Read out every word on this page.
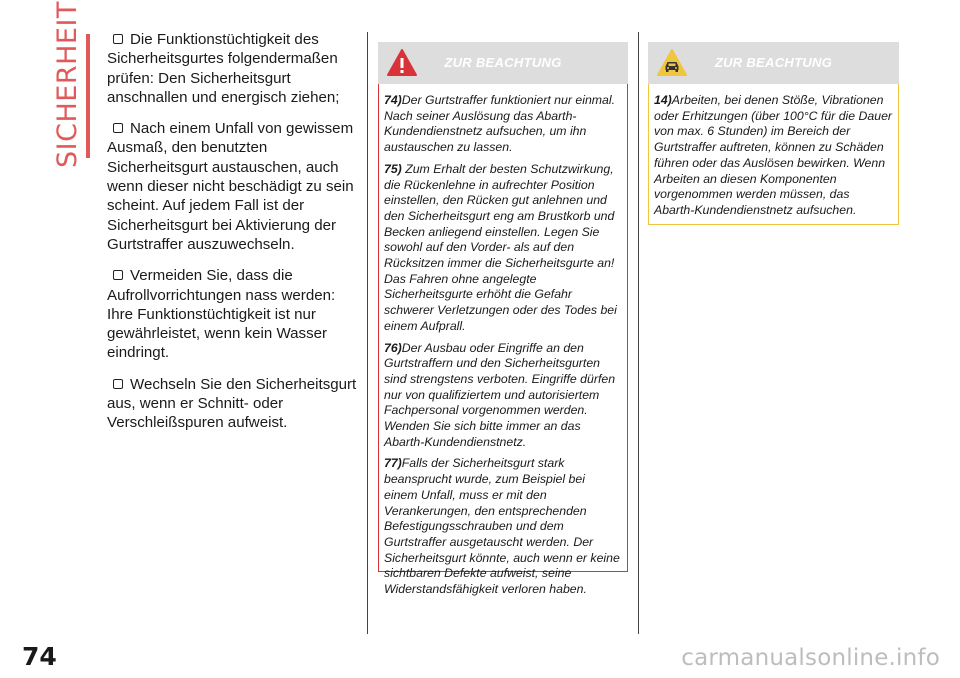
SICHERHEIT	Die Funktionstüchtigkeit des Sicherheitsgurtes folgendermaßen prüfen: Den Sicherheitsgurt anschnallen und energisch ziehen;

Nach einem Unfall von gewissem Ausmaß, den benutzten Sicherheitsgurt austauschen, auch wenn dieser nicht beschädigt zu sein scheint. Auf jedem Fall ist der Sicherheitsgurt bei Aktivierung der Gurtstraffer auszuwechseln.

Vermeiden Sie, dass die Aufrollvorrichtungen nass werden: Ihre Funktionstüchtigkeit ist nur gewährleistet, wenn kein Wasser eindringt.

Wechseln Sie den Sicherheitsgurt aus, wenn er Schnitt- oder Verschleißspuren aufweist.

ZUR BEACHTUNG

74)Der Gurtstraffer funktioniert nur einmal. Nach seiner Auslösung das Abarth-Kundendienstnetz aufsuchen, um ihn austauschen zu lassen.

75) Zum Erhalt der besten Schutzwirkung, die Rückenlehne in aufrechter Position einstellen, den Rücken gut anlehnen und den Sicherheitsgurt eng am Brustkorb und Becken anliegend einstellen. Legen Sie sowohl auf den Vorder- als auf den Rücksitzen immer die Sicherheitsgurte an! Das Fahren ohne angelegte Sicherheitsgurte erhöht die Gefahr schwerer Verletzungen oder des Todes bei einem Aufprall.

76)Der Ausbau oder Eingriffe an den Gurtstraffern und den Sicherheitsgurten sind strengstens verboten. Eingriffe dürfen nur von qualifiziertem und autorisiertem Fachpersonal vorgenommen werden. Wenden Sie sich bitte immer an das Abarth-Kundendienstnetz.

77)Falls der Sicherheitsgurt stark beansprucht wurde, zum Beispiel bei einem Unfall, muss er mit den Verankerungen, den entsprechenden Befestigungsschrauben und dem Gurtstraffer ausgetauscht werden. Der Sicherheitsgurt könnte, auch wenn er keine sichtbaren Defekte aufweist, seine Widerstandsfähigkeit verloren haben.

ZUR BEACHTUNG

14)Arbeiten, bei denen Stöße, Vibrationen oder Erhitzungen (über 100°C für die Dauer von max. 6 Stunden) im Bereich der Gurtstraffer auftreten, können zu Schäden führen oder das Auslösen bewirken. Wenn Arbeiten an diesen Komponenten vorgenommen werden müssen, das Abarth-Kundendienstnetz aufsuchen.

74	carmanualsonline.info
